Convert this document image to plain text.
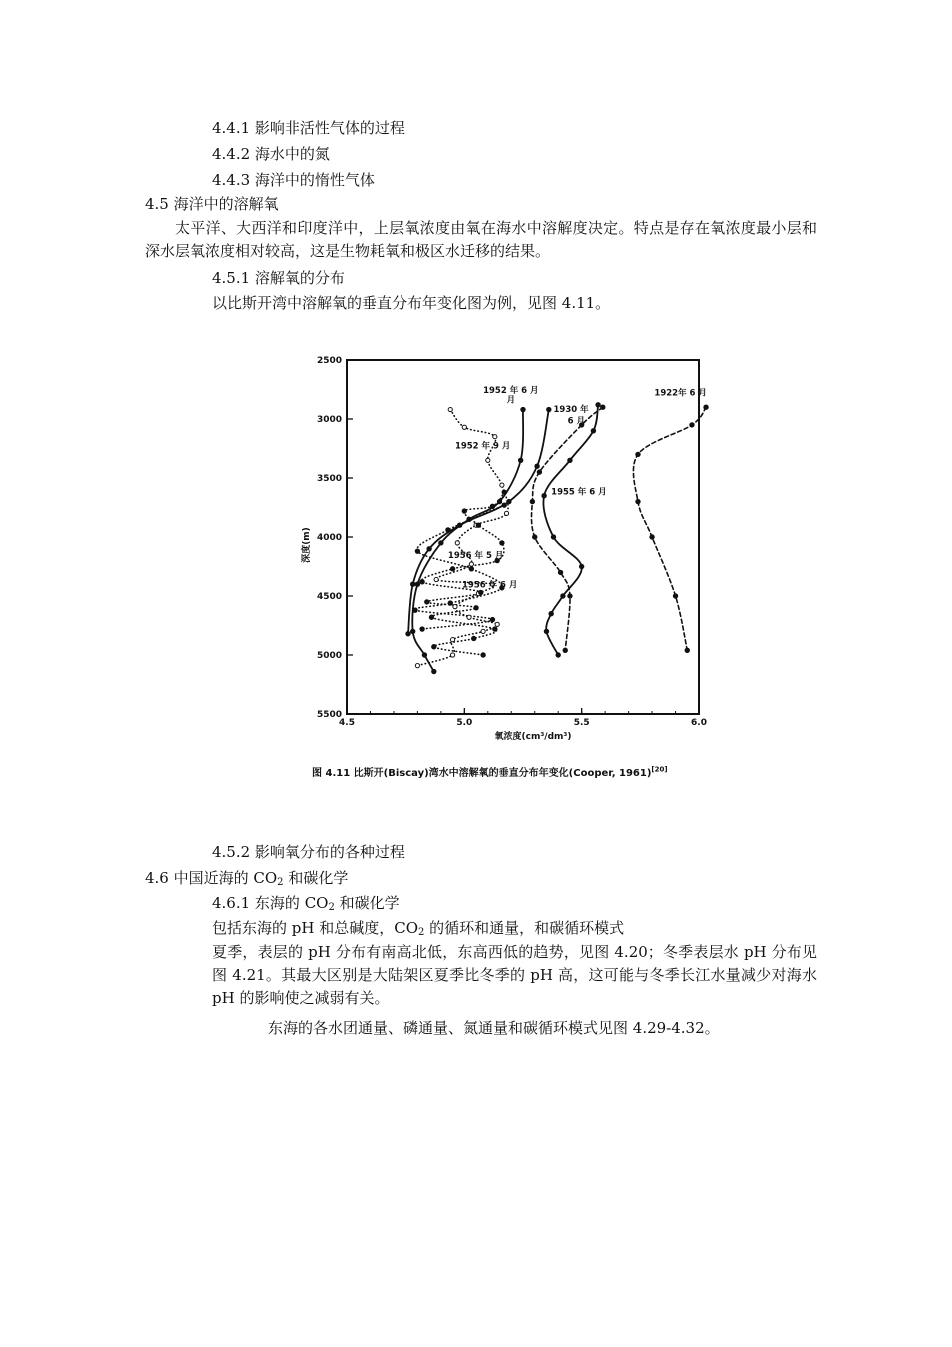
4.4.1 影响非活性气体的过程
4.4.2 海水中的氮
4.4.3 海洋中的惰性气体
4.5 海洋中的溶解氧
太平洋、大西洋和印度洋中，上层氧浓度由氧在海水中溶解度决定。特点是存在氧浓度最小层和深水层氧浓度相对较高，这是生物耗氧和极区水迁移的结果。
4.5.1 溶解氧的分布
以比斯开湾中溶解氧的垂直分布年变化图为例，见图 4.11。
4.5	5.0	5.5	6.0
2500
3000
3500
4000
4500
5000
5500
氧浓度(cm³/dm³)
深度(m)
1952 年 6 月
月
1930 年
6 月
1922年 6 月
1952 年 9 月
1955 年 6 月
1956 年 5 月
1956 年 6 月
图 4.11 比斯开(Biscay)湾水中溶解氧的垂直分布年变化(Cooper, 1961)[20]
4.5.2 影响氧分布的各种过程
4.6 中国近海的 $CO_2$ 和碳化学
4.6.1 东海的 $CO_2$ 和碳化学
包括东海的 pH 和总碱度，$CO_2$ 的循环和通量，和碳循环模式
夏季，表层的 pH 分布有南高北低，东高西低的趋势，见图 4.20；冬季表层水 pH 分布见图 4.21。其最大区别是大陆架区夏季比冬季的 pH 高，这可能与冬季长江水量减少对海水 pH 的影响使之减弱有关。
东海的各水团通量、磷通量、氮通量和碳循环模式见图 4.29-4.32。
